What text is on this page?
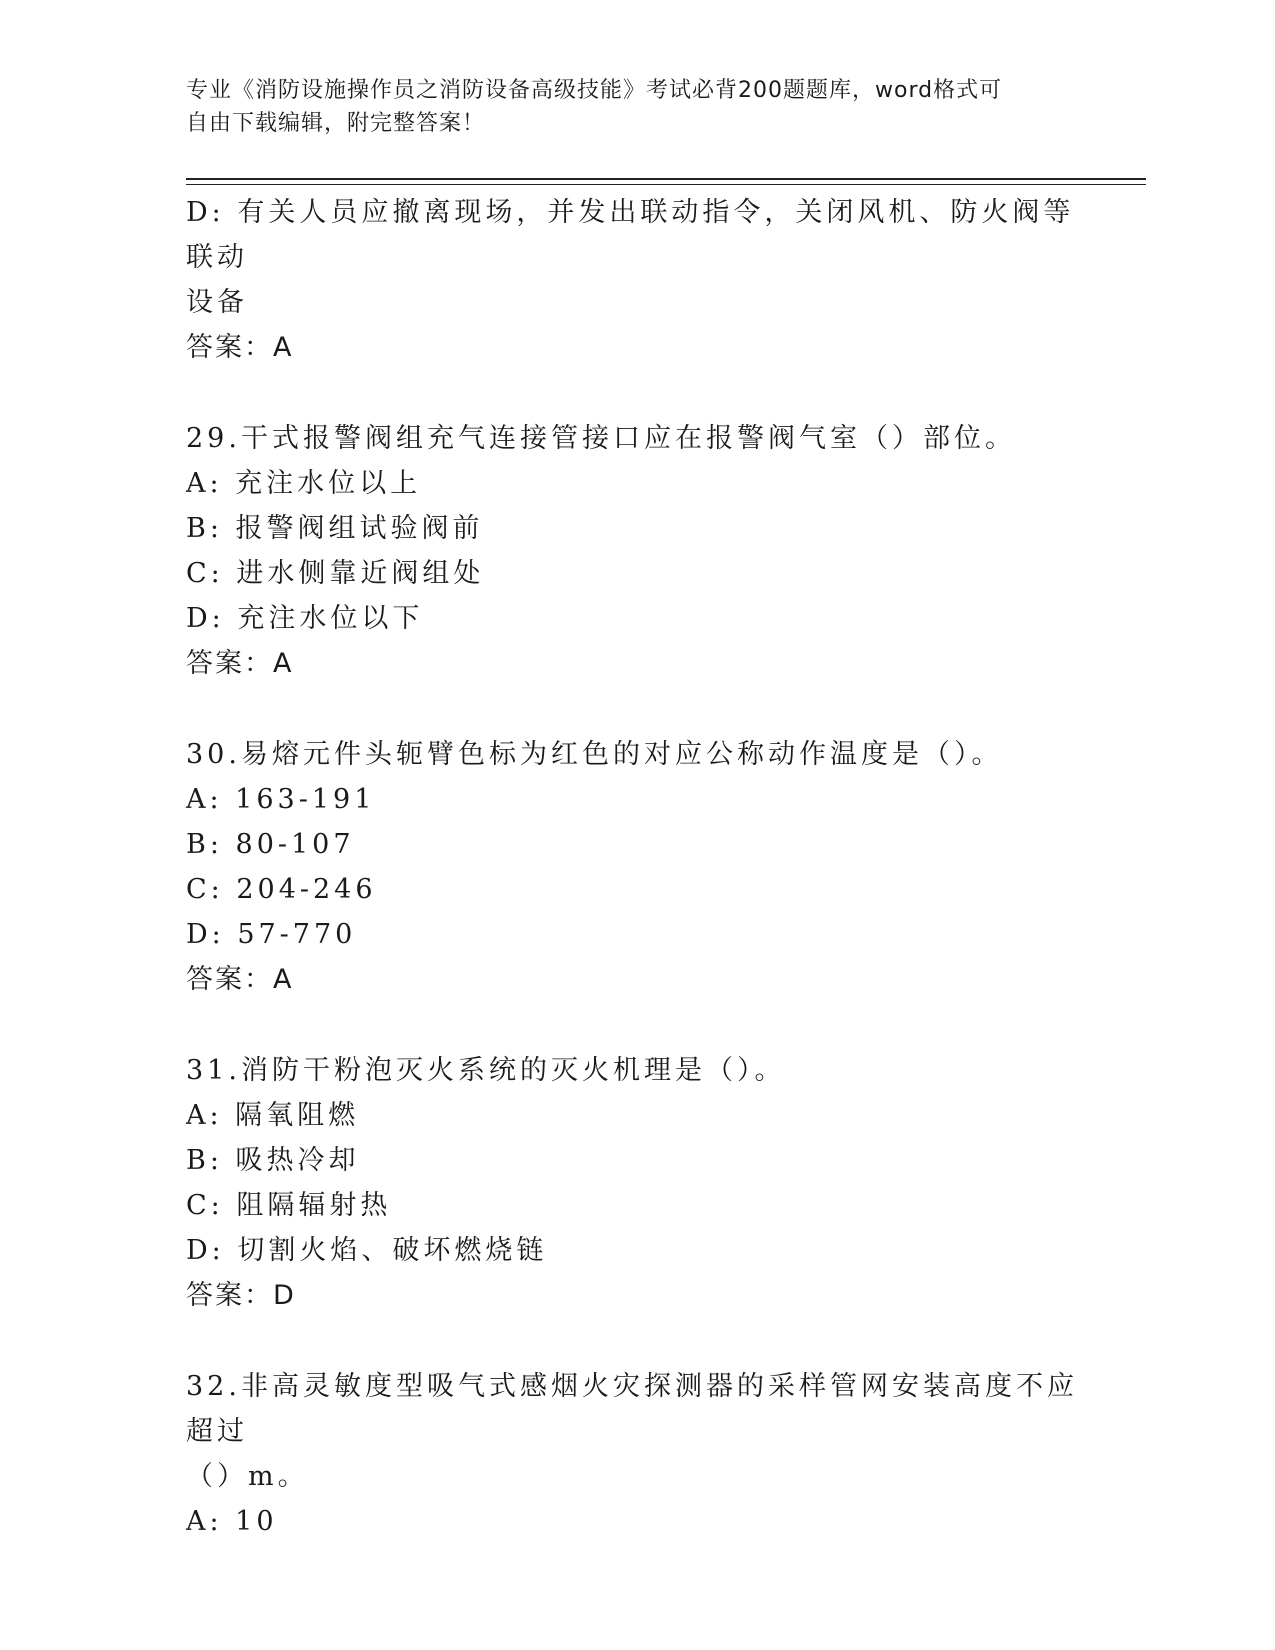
专业《消防设施操作员之消防设备高级技能》考试必背200题题库，word格式可
自由下载编辑，附完整答案！

D: 有关人员应撤离现场，并发出联动指令，关闭风机、防火阀等联动

设备

答案：A

29.干式报警阀组充气连接管接口应在报警阀气室（）部位。

A: 充注水位以上

B: 报警阀组试验阀前

C: 进水侧靠近阀组处

D: 充注水位以下

答案：A

30.易熔元件头轭臂色标为红色的对应公称动作温度是（）。

A: 163-191

B: 80-107

C: 204-246

D: 57-770

答案：A

31.消防干粉泡灭火系统的灭火机理是（）。

A: 隔氧阻燃

B: 吸热冷却

C: 阻隔辐射热

D: 切割火焰、破坏燃烧链

答案：D

32.非高灵敏度型吸气式感烟火灾探测器的采样管网安装高度不应超过

（）m。

A: 10
